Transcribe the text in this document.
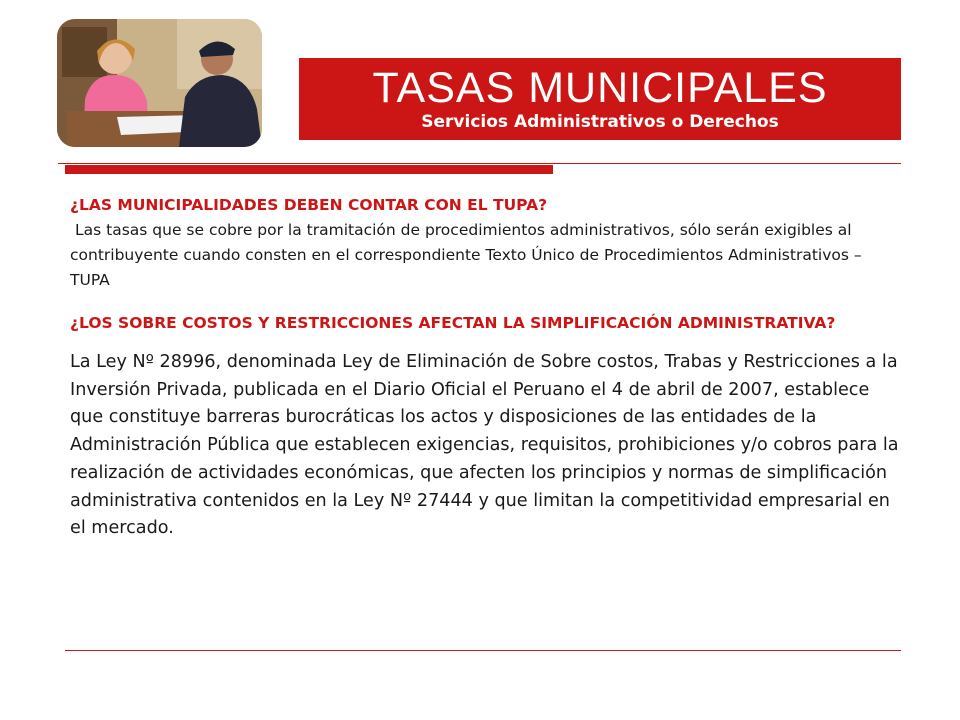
TASAS MUNICIPALES
Servicios Administrativos o Derechos

¿LAS MUNICIPALIDADES DEBEN CONTAR CON EL TUPA?

Las tasas que se cobre por la tramitación de procedimientos administrativos, sólo serán exigibles al contribuyente cuando consten en el correspondiente Texto Único de Procedimientos Administrativos – TUPA

¿LOS SOBRE COSTOS Y RESTRICCIONES AFECTAN LA SIMPLIFICACIÓN ADMINISTRATIVA?

La Ley Nº 28996, denominada Ley de Eliminación de Sobre costos, Trabas y Restricciones a la Inversión Privada, publicada en el Diario Oficial el Peruano el 4 de abril de 2007, establece que constituye barreras burocráticas los actos y disposiciones de las entidades de la Administración Pública que establecen exigencias, requisitos, prohibiciones y/o cobros para la realización de actividades económicas, que afecten los principios y normas de simplificación administrativa contenidos en la Ley Nº 27444 y que limitan la competitividad empresarial en el mercado.
